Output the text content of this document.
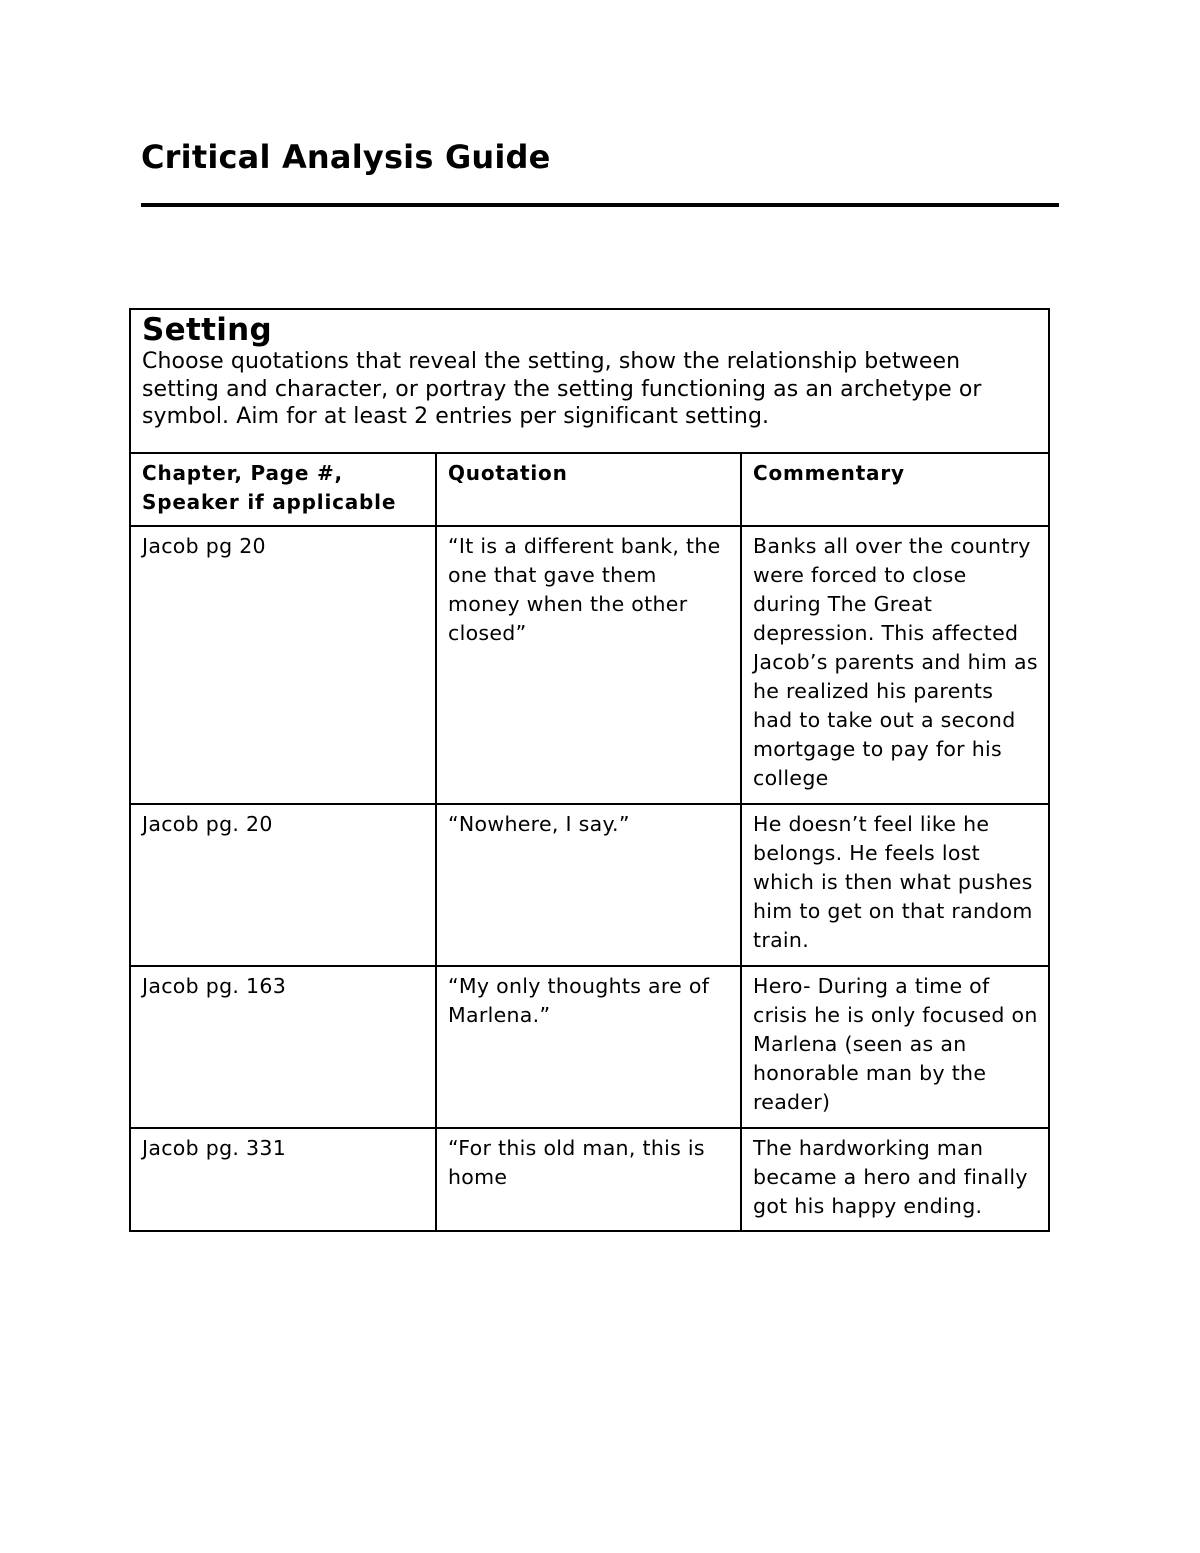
Critical Analysis Guide

Setting

Choose quotations that reveal the setting, show the relationship between setting and character, or portray the setting functioning as an archetype or symbol. Aim for at least 2 entries per significant setting.		

Chapter, Page #,
Speaker if applicable	Quotation	Commentary
Jacob pg 20	“It is a different bank, the one that gave them money when the other closed”	Banks all over the country were forced to close during The Great depression. This affected Jacob’s parents and him as he realized his parents had to take out a second mortgage to pay for his college
Jacob pg. 20	“Nowhere, I say.”	He doesn’t feel like he belongs. He feels lost which is then what pushes him to get on that random train.
Jacob pg. 163	“My only thoughts are of Marlena.”	Hero- During a time of crisis he is only focused on Marlena (seen as an honorable man by the reader)
Jacob pg. 331	“For this old man, this is home	The hardworking man became a hero and finally got his happy ending.
